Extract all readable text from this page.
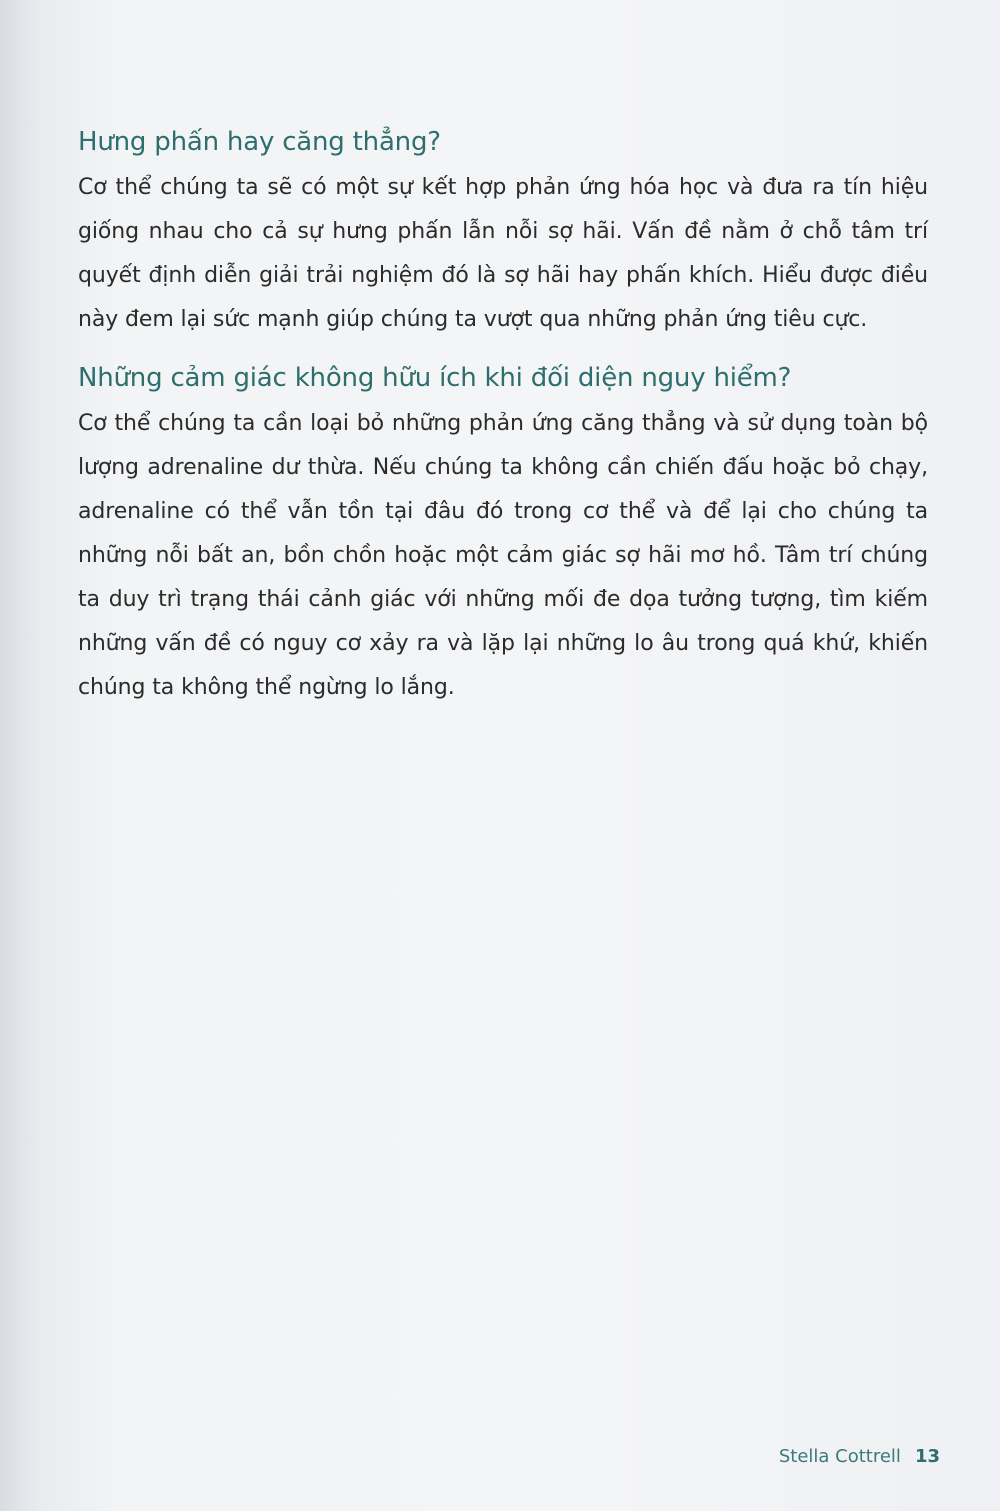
Hưng phấn hay căng thẳng?

Cơ thể chúng ta sẽ có một sự kết hợp phản ứng hóa học và đưa ra tín hiệu giống nhau cho cả sự hưng phấn lẫn nỗi sợ hãi. Vấn đề nằm ở chỗ tâm trí quyết định diễn giải trải nghiệm đó là sợ hãi hay phấn khích. Hiểu được điều này đem lại sức mạnh giúp chúng ta vượt qua những phản ứng tiêu cực.

Những cảm giác không hữu ích khi đối diện nguy hiểm?

Cơ thể chúng ta cần loại bỏ những phản ứng căng thẳng và sử dụng toàn bộ lượng adrenaline dư thừa. Nếu chúng ta không cần chiến đấu hoặc bỏ chạy, adrenaline có thể vẫn tồn tại đâu đó trong cơ thể và để lại cho chúng ta những nỗi bất an, bồn chồn hoặc một cảm giác sợ hãi mơ hồ. Tâm trí chúng ta duy trì trạng thái cảnh giác với những mối đe dọa tưởng tượng, tìm kiếm những vấn đề có nguy cơ xảy ra và lặp lại những lo âu trong quá khứ, khiến chúng ta không thể ngừng lo lắng.

Stella Cottrell 13
